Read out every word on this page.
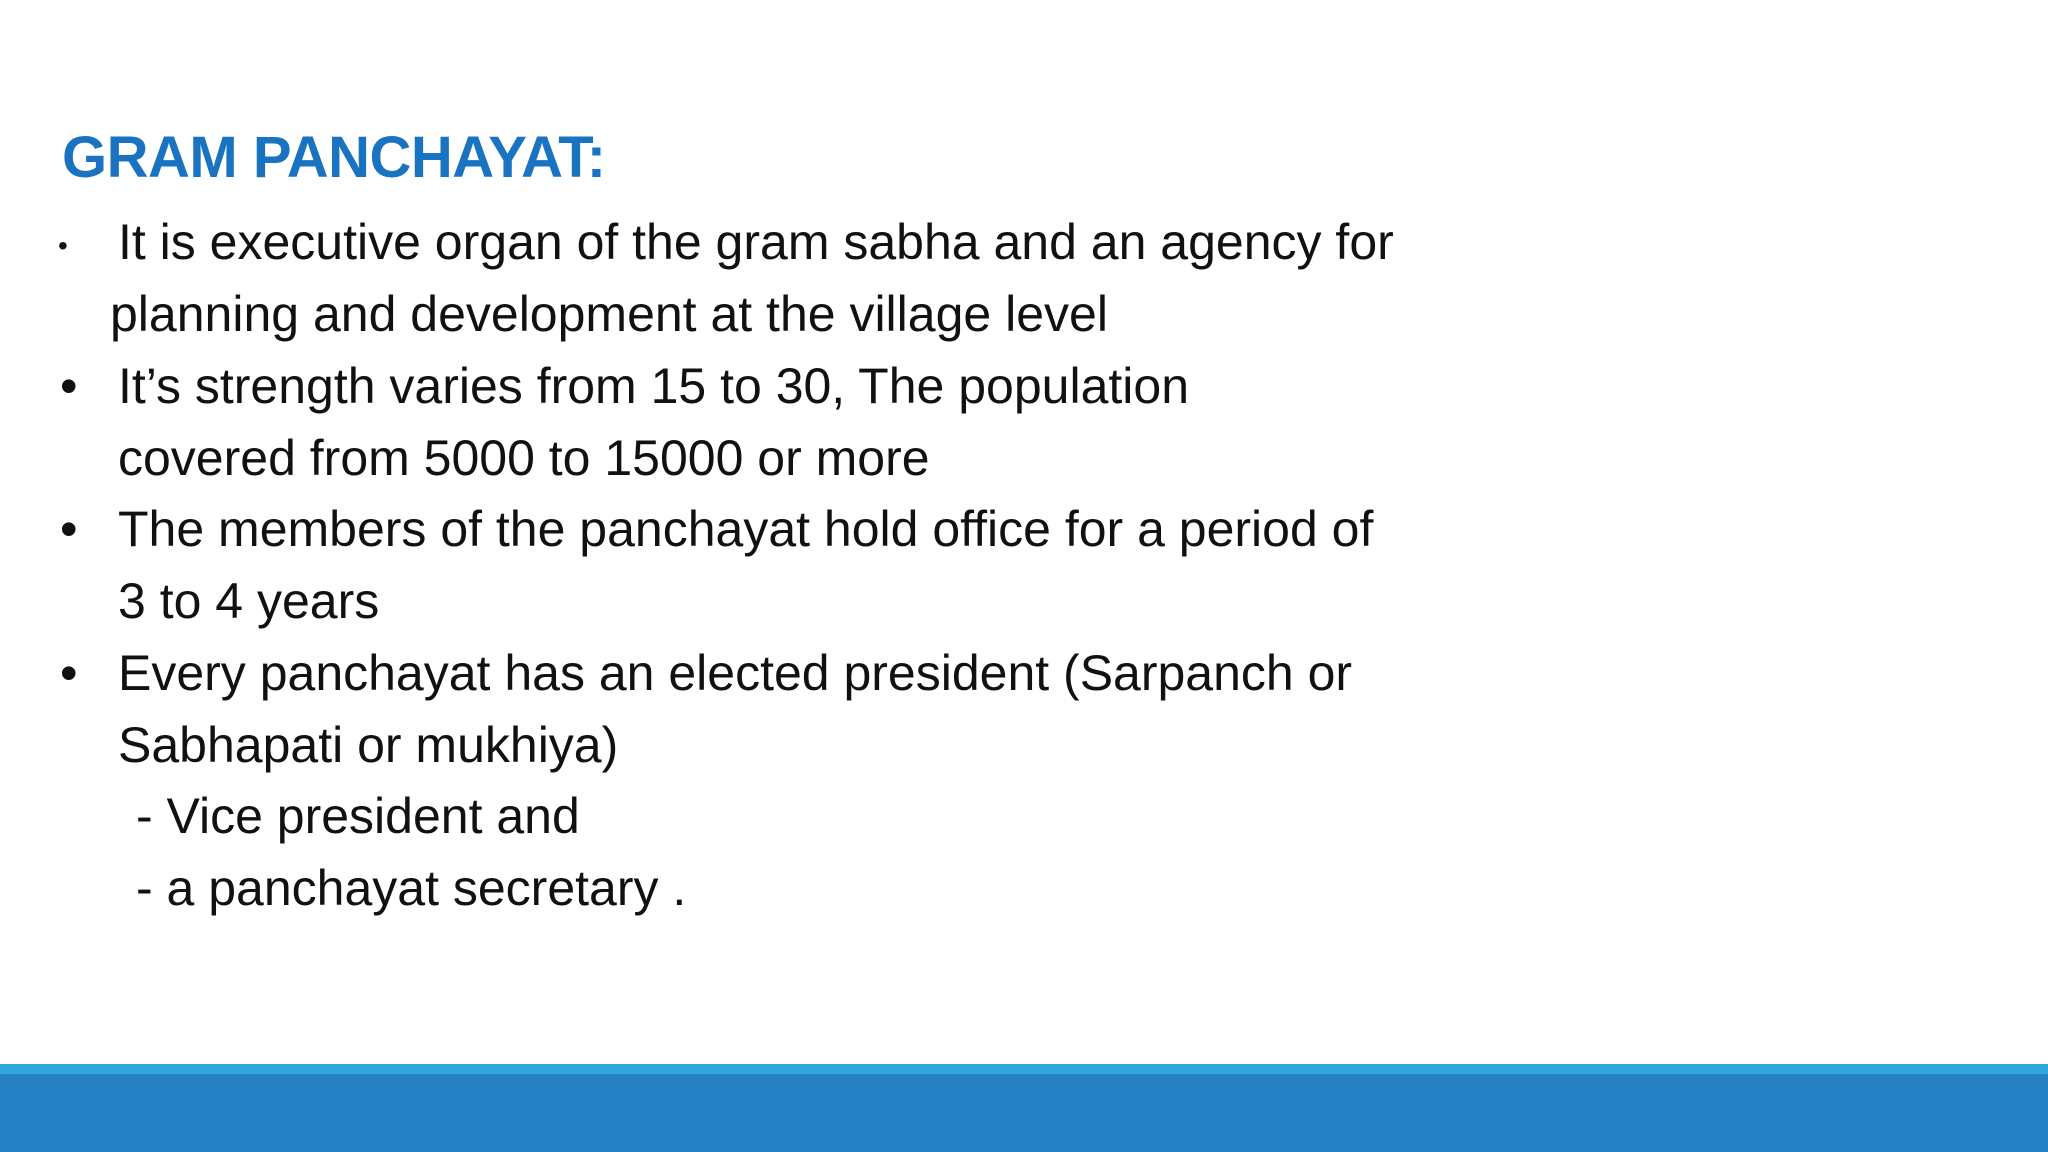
GRAM PANCHAYAT:
• It is executive organ of the gram sabha and an agency for
planning and development at the village level
• It’s strength varies from 15 to 30, The population
covered from 5000 to 15000 or more
• The members of the panchayat hold office for a period of
3 to 4 years
• Every panchayat has an elected president (Sarpanch or
Sabhapati or mukhiya)
- Vice president and
- a panchayat secretary .
